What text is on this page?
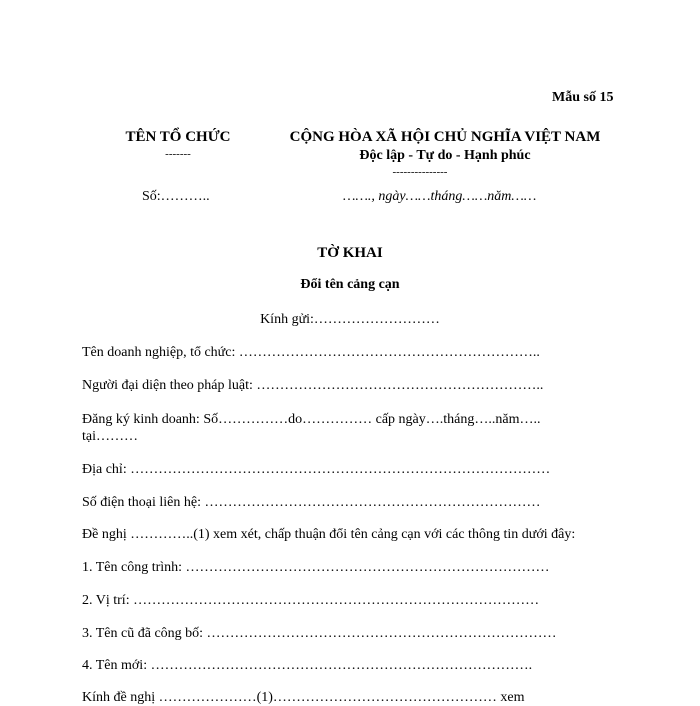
Mẫu số 15
TÊN TỔ CHỨC
-------
CỘNG HÒA XÃ HỘI CHỦ NGHĨA VIỆT NAM
Độc lập - Tự do - Hạnh phúc
---------------
Số:………..	……., ngày……tháng……năm……
TỜ KHAI
Đổi tên cảng cạn
Kính gửi:………………………
Tên doanh nghiệp, tổ chức: ………………………………………………………..
Người đại diện theo pháp luật: ……………………………………………………..
Đăng ký kinh doanh: Số……………do…………… cấp ngày….tháng…..năm…..
tại………
Địa chỉ: ………………………………………………………………………………
Số điện thoại liên hệ: ………………………………………………………………
Đề nghị …………..(1) xem xét, chấp thuận đổi tên cảng cạn với các thông tin dưới đây:
1. Tên công trình: ……………………………………………………………………
2. Vị trí: ……………………………………………………………………………
3. Tên cũ đã công bố: …………………………………………………………………
4. Tên mới: ……………………………………………………………………….
Kính đề nghị …………………(1)………………………………………… xem
